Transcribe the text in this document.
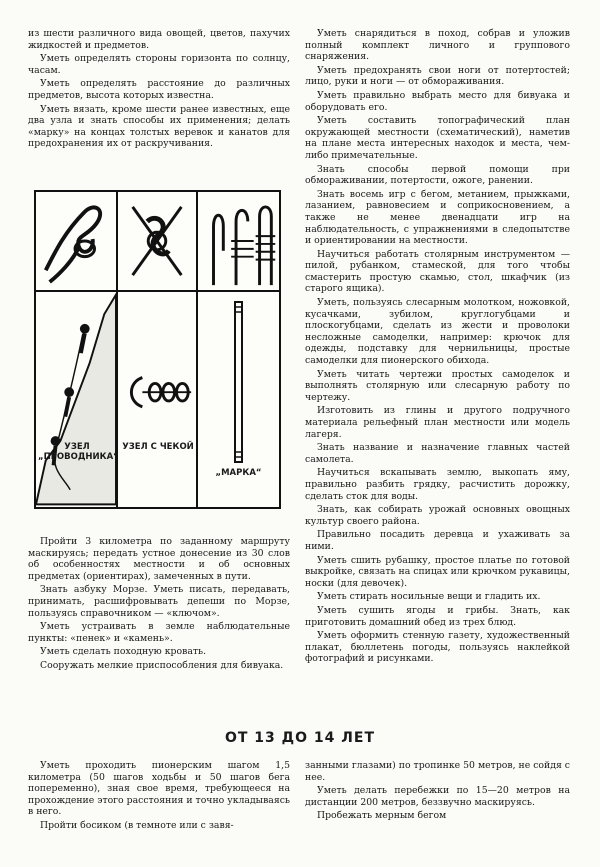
из шести различного вида овощей, цветов, пахучих жидкостей и предметов.

Уметь определять стороны горизонта по солнцу, часам.

Уметь определять расстояние до различных предметов, высота которых известна.

Уметь вязать, кроме шести ранее известных, еще два узла и знать способы их применения; делать «марку» на концах толстых веревок и канатов для предохранения их от раскручивания.

УЗЕЛ „ПРОВОДНИКА“
УЗЕЛ С ЧЕКОЙ
„МАРКА“

Пройти 3 километра по заданному маршруту маскируясь; передать устное донесение из 30 слов об особенностях местности и об основных предметах (ориентирах), замеченных в пути.

Знать азбуку Морзе. Уметь писать, передавать, принимать, расшифровывать депеши по Морзе, пользуясь справочником — «ключом».

Уметь устраивать в земле наблюдательные пункты: «пенек» и «камень».

Уметь сделать походную кровать.

Сооружать мелкие приспособления для бивуака.

Уметь снарядиться в поход, собрав и уложив полный комплект личного и группового снаряжения.

Уметь предохранять свои ноги от потертостей; лицо, руки и ноги — от обмораживания.

Уметь правильно выбрать место для бивуака и оборудовать его.

Уметь составить топографический план окружающей местности (схематический), наметив на плане места интересных находок и места, чем-либо примечательные.

Знать способы первой помощи при обмораживании, потертости, ожоге, ранении.

Знать восемь игр с бегом, метанием, прыжками, лазанием, равновесием и соприкосновением, а также не менее двенадцати игр на наблюдательность, с упражнениями в следопытстве и ориентировании на местности.

Научиться работать столярным инструментом — пилой, рубанком, стамеской, для того чтобы смастерить простую скамью, стол, шкафчик (из старого ящика).

Уметь, пользуясь слесарным молотком, ножовкой, кусачками, зубилом, круглогубцами и плоскогубцами, сделать из жести и проволоки несложные самоделки, например: крючок для одежды, подставку для чернильницы, простые самоделки для пионерского обихода.

Уметь читать чертежи простых самоделок и выполнять столярную или слесарную работу по чертежу.

Изготовить из глины и другого подручного материала рельефный план местности или модель лагеря.

Знать название и назначение главных частей самолета.

Научиться вскапывать землю, выкопать яму, правильно разбить грядку, расчистить дорожку, сделать сток для воды.

Знать, как собирать урожай основных овощных культур своего района.

Правильно посадить деревца и ухаживать за ними.

Уметь сшить рубашку, простое платье по готовой выкройке, связать на спицах или крючком рукавицы, носки (для девочек).

Уметь стирать носильные вещи и гладить их.

Уметь сушить ягоды и грибы. Знать, как приготовить домашний обед из трех блюд.

Уметь оформить стенную газету, художественный плакат, бюллетень погоды, пользуясь наклейкой фотографий и рисунками.

ОТ 13 ДО 14 ЛЕТ

Уметь проходить пионерским шагом 1,5 километра (50 шагов ходьбы и 50 шагов бега попеременно), зная свое время, требующееся на прохождение этого расстояния и точно укладываясь в него.

Пройти босиком (в темноте или с завя-

занными глазами) по тропинке 50 метров, не сойдя с нее.

Уметь делать перебежки по 15—20 метров на дистанции 200 метров, беззвучно маскируясь.

Пробежать мерным бегом
